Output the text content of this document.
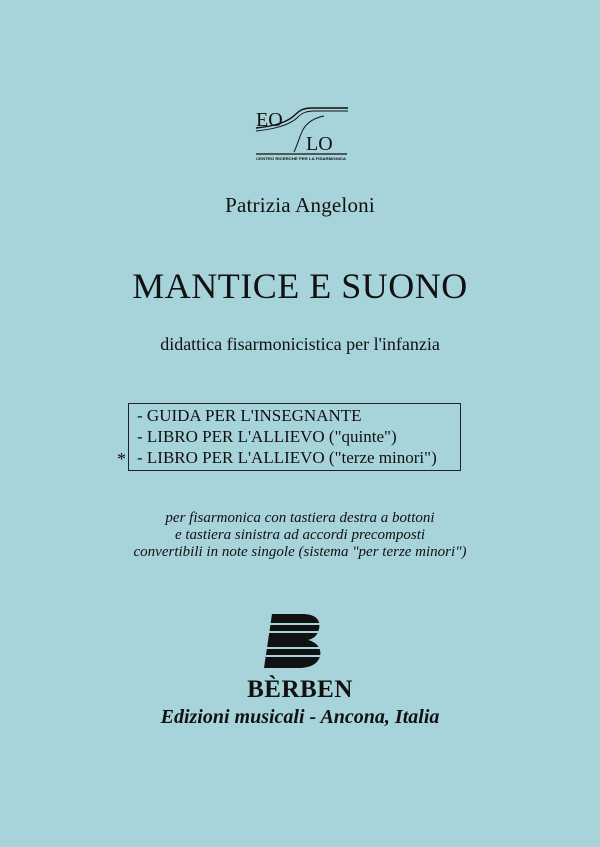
EO
LO
CENTRO RICERCHE PER LA FISARMONICA
Patrizia Angeloni
MANTICE E SUONO
didattica fisarmonicistica per l'infanzia
*
- GUIDA PER L'INSEGNANTE
- LIBRO PER L'ALLIEVO ("quinte")
- LIBRO PER L'ALLIEVO ("terze minori")
per fisarmonica con tastiera destra a bottoni
e tastiera sinistra ad accordi precomposti
convertibili in note singole (sistema "per terze minori")
BÈRBEN
Edizioni musicali - Ancona, Italia
